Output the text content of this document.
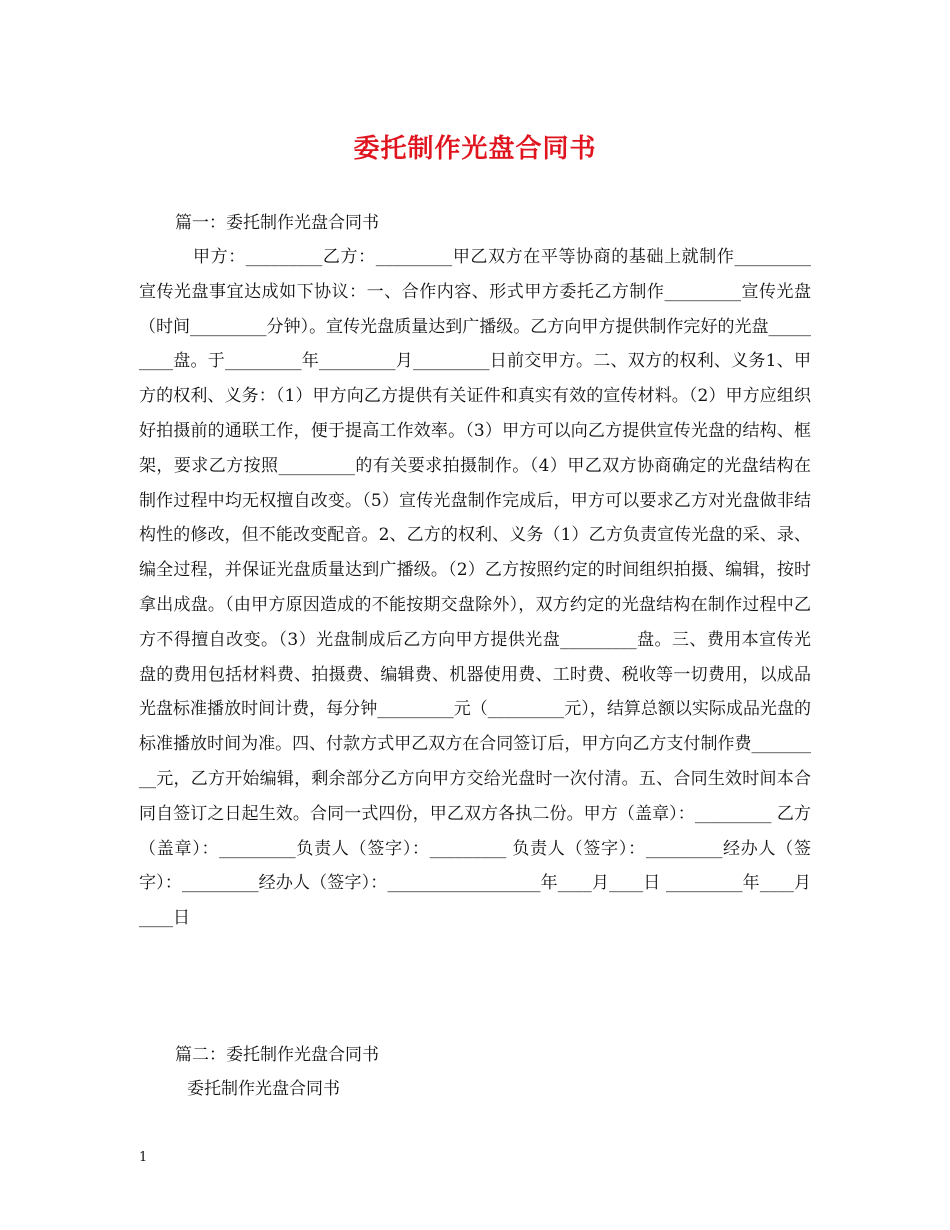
委托制作光盘合同书

篇一：委托制作光盘合同书

甲方：_________乙方：_________甲乙双方在平等协商的基础上就制作_________宣传光盘事宜达成如下协议：一、合作内容、形式甲方委托乙方制作_________宣传光盘（时间_________分钟）。宣传光盘质量达到广播级。乙方向甲方提供制作完好的光盘_________盘。于_________年_________月_________日前交甲方。二、双方的权利、义务1、甲方的权利、义务：（1）甲方向乙方提供有关证件和真实有效的宣传材料。（2）甲方应组织好拍摄前的通联工作，便于提高工作效率。（3）甲方可以向乙方提供宣传光盘的结构、框架，要求乙方按照_________的有关要求拍摄制作。（4）甲乙双方协商确定的光盘结构在制作过程中均无权擅自改变。（5）宣传光盘制作完成后，甲方可以要求乙方对光盘做非结构性的修改，但不能改变配音。2、乙方的权利、义务（1）乙方负责宣传光盘的采、录、编全过程，并保证光盘质量达到广播级。（2）乙方按照约定的时间组织拍摄、编辑，按时拿出成盘。（由甲方原因造成的不能按期交盘除外），双方约定的光盘结构在制作过程中乙方不得擅自改变。（3）光盘制成后乙方向甲方提供光盘_________盘。三、费用本宣传光盘的费用包括材料费、拍摄费、编辑费、机器使用费、工时费、税收等一切费用，以成品光盘标准播放时间计费，每分钟_________元（_________元），结算总额以实际成品光盘的标准播放时间为准。四、付款方式甲乙双方在合同签订后，甲方向乙方支付制作费_________元，乙方开始编辑，剩余部分乙方向甲方交给光盘时一次付清。五、合同生效时间本合同自签订之日起生效。合同一式四份，甲乙双方各执二份。甲方（盖章）：_________ 乙方（盖章）：_________负责人（签字）：_________ 负责人（签字）：_________经办人（签字）：_________经办人（签字）：__________________年____月____日 _________年____月____日

篇二：委托制作光盘合同书

委托制作光盘合同书

1
